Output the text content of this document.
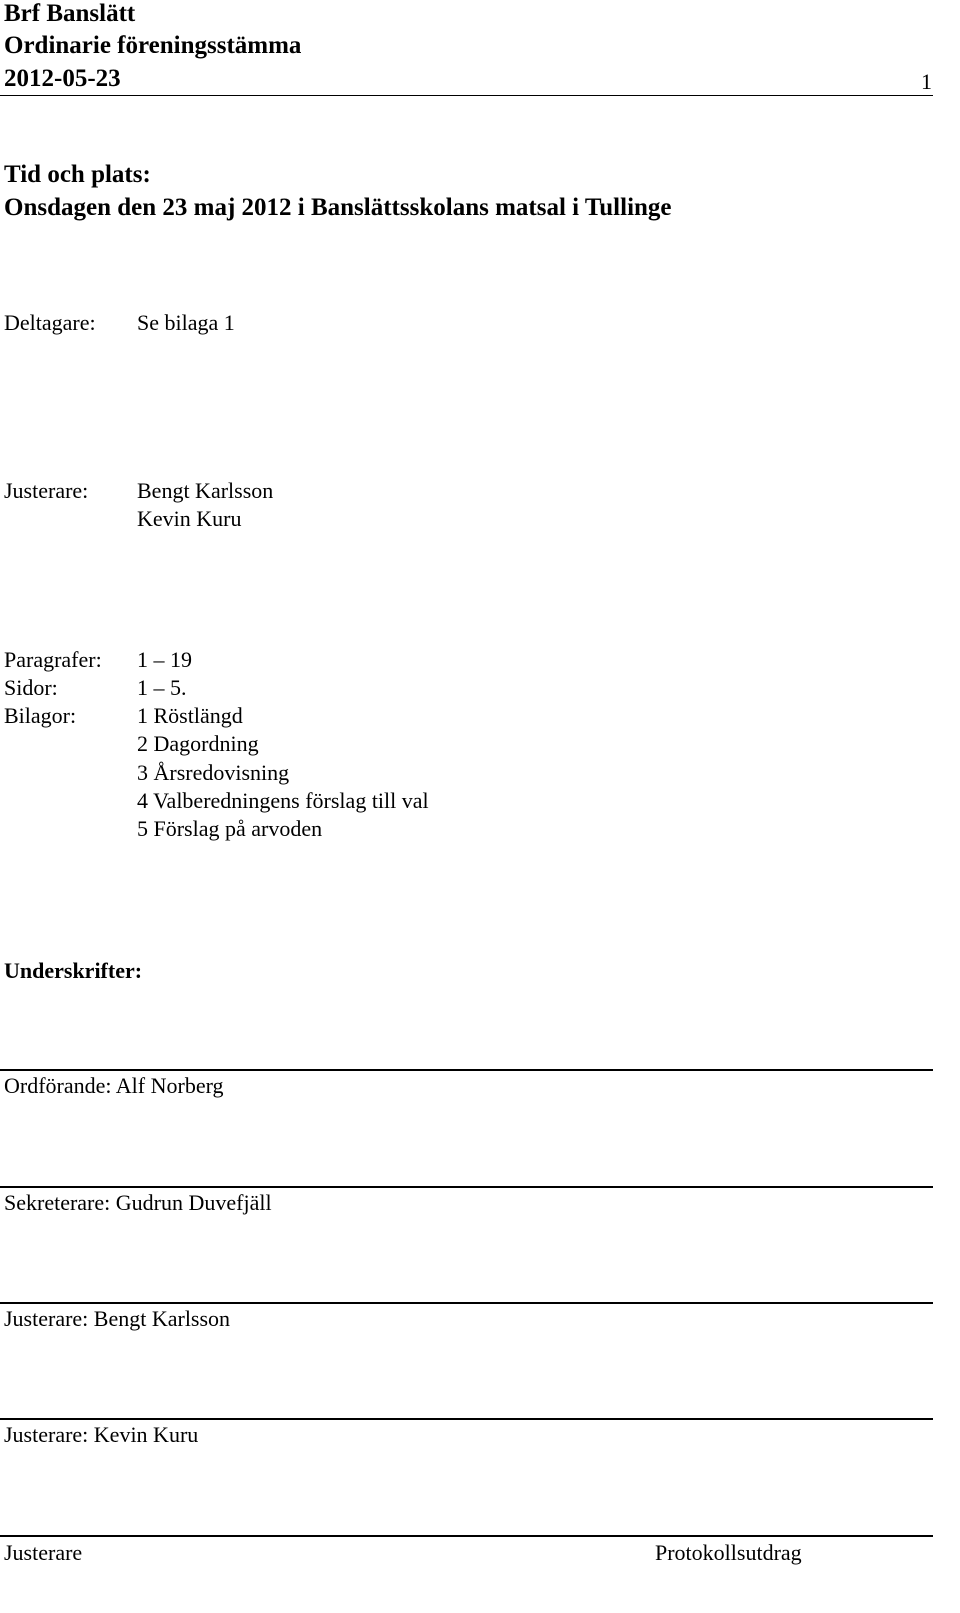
Brf Banslätt
Ordinarie föreningsstämma
2012-05-23	1
Tid och plats:
Onsdagen den 23 maj 2012 i Banslättsskolans matsal i Tullinge
Deltagare: Se bilaga 1
Justerare: Bengt Karlsson
Kevin Kuru
Paragrafer: 1 – 19
Sidor:	1 – 5.
Bilagor:	1 Röstlängd
2 Dagordning
3 Årsredovisning
4 Valberedningens förslag till val
5 Förslag på arvoden
Underskrifter:
Ordförande: Alf Norberg
Sekreterare: Gudrun Duvefjäll
Justerare: Bengt Karlsson
Justerare: Kevin Kuru
Justerare	Protokollsutdrag
